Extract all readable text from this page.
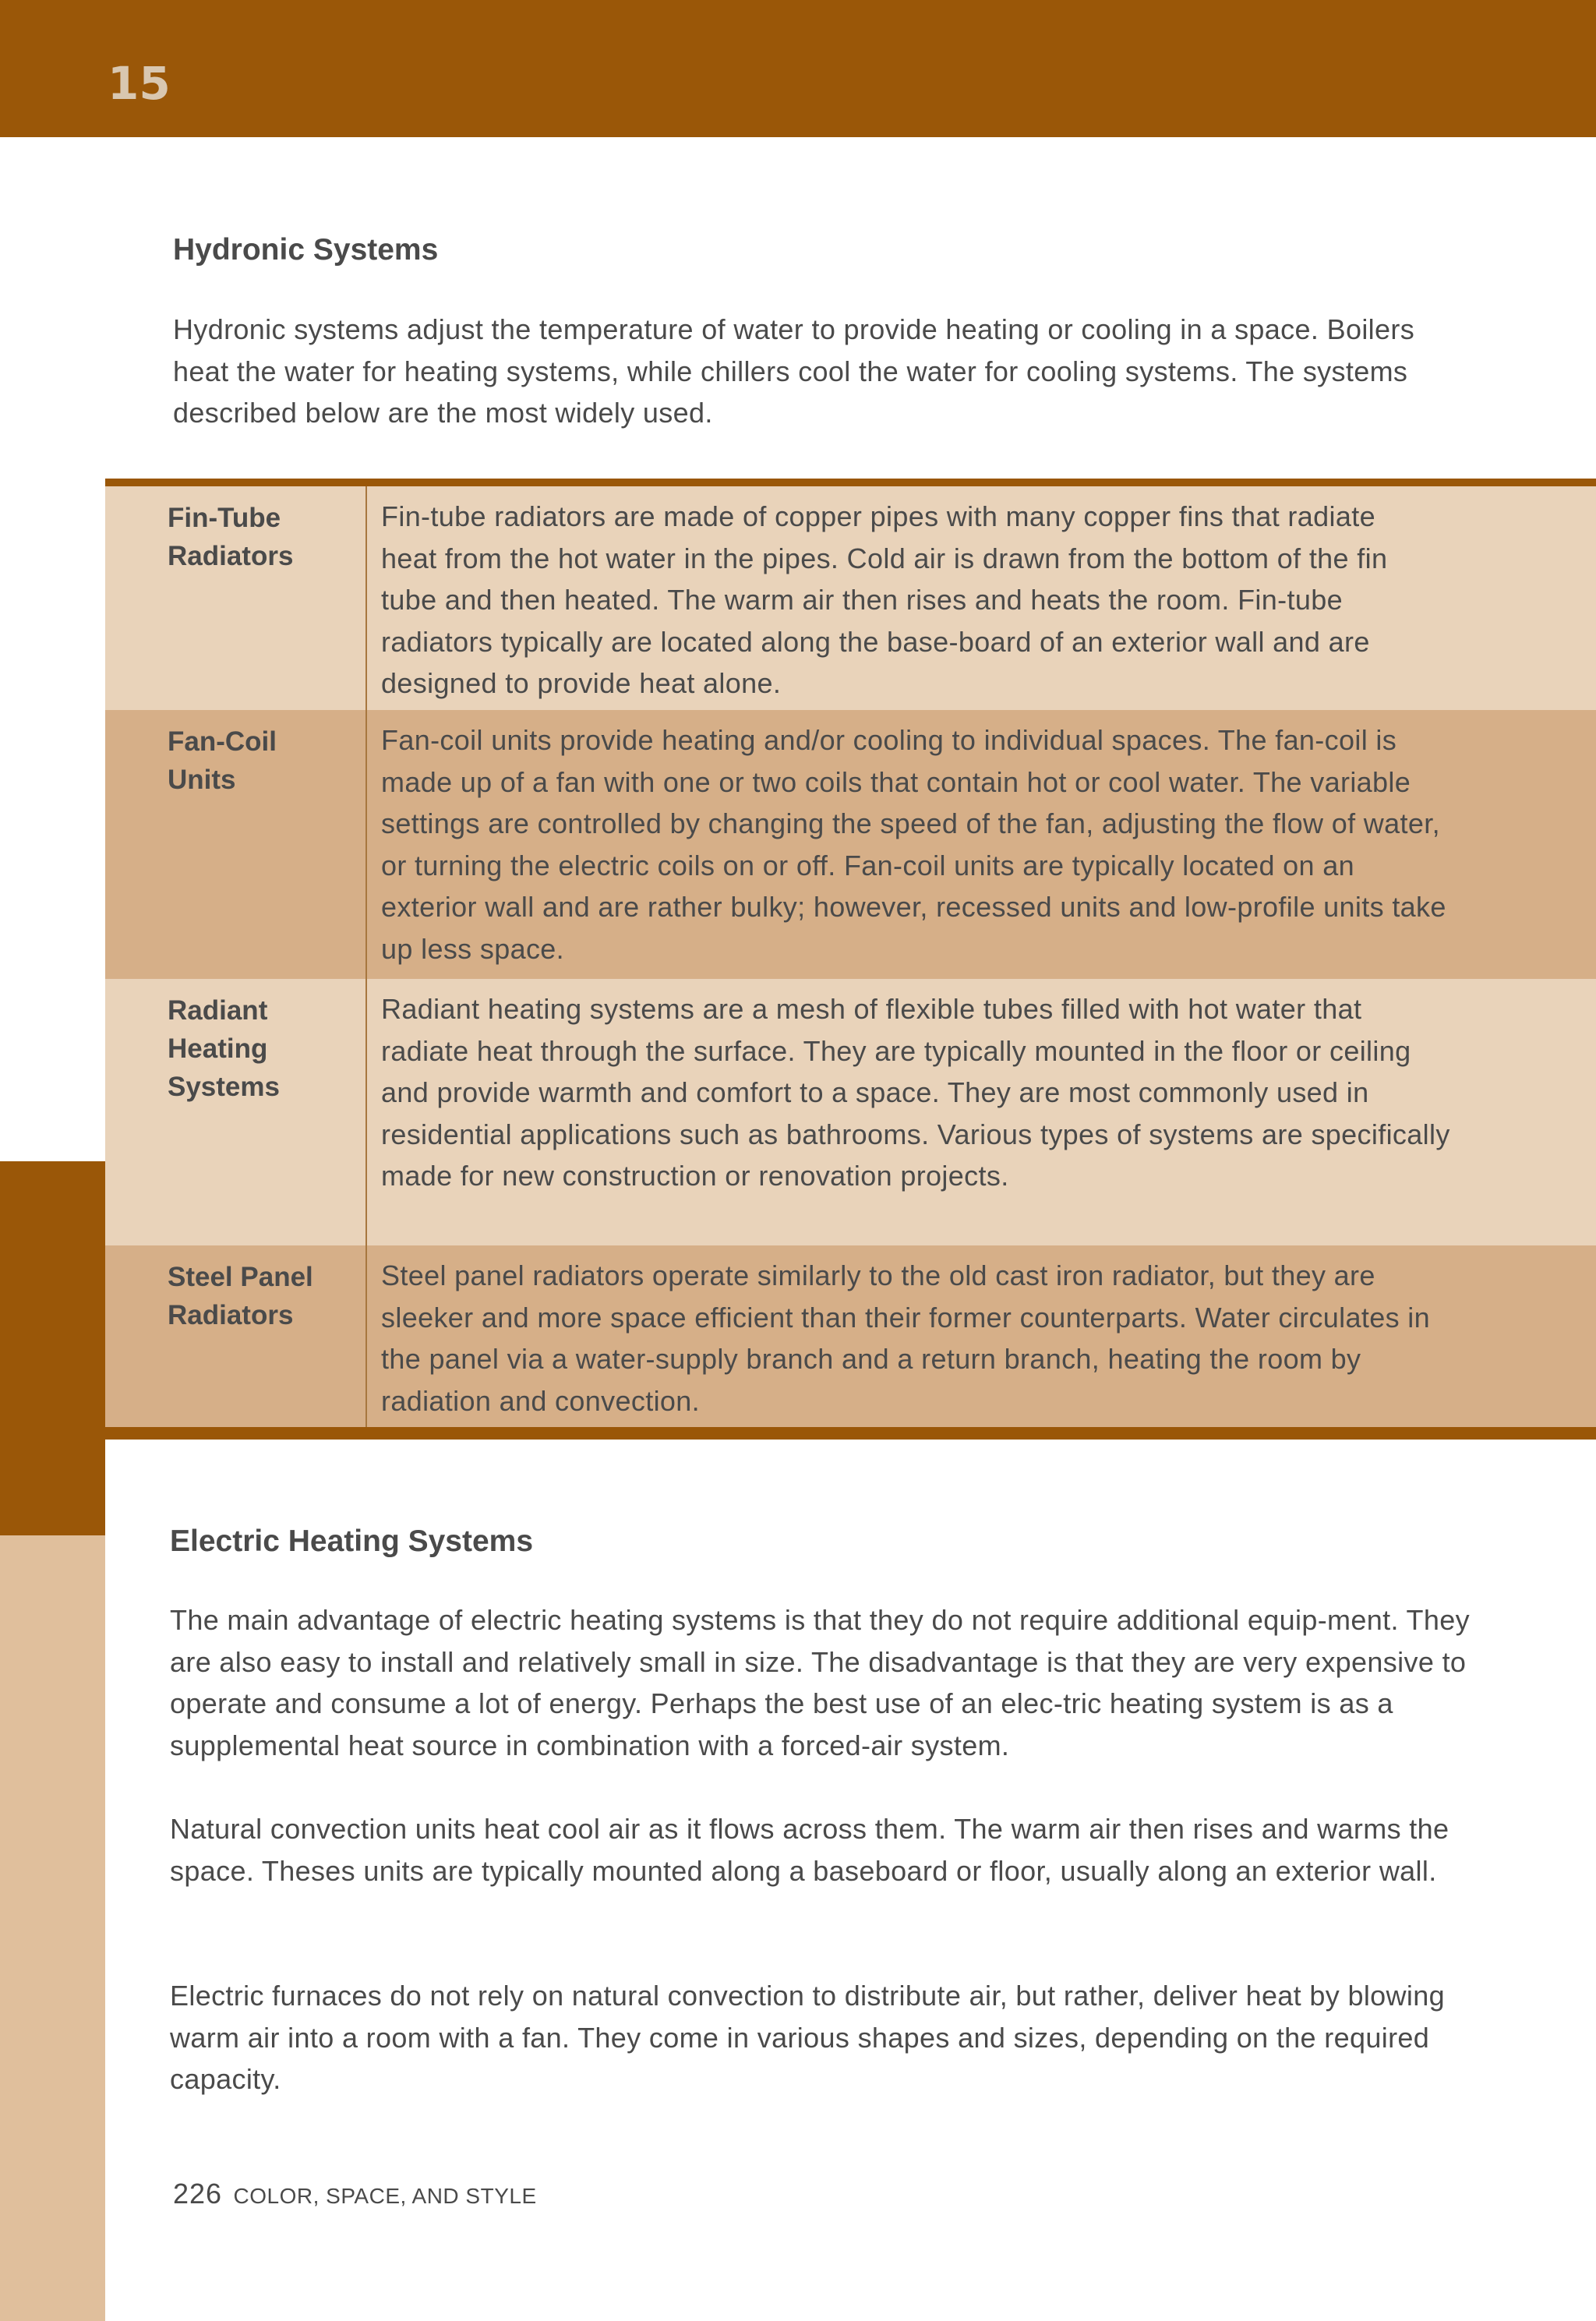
15
Hydronic Systems

Hydronic systems adjust the temperature of water to provide heating or cooling in a space. Boilers heat the water for heating systems, while chillers cool the water for cooling systems. The systems described below are the most widely used.

Fin-Tube
Radiators
Fin-tube radiators are made of copper pipes with many copper fins that radiate heat from the hot water in the pipes. Cold air is drawn from the bottom of the fin tube and then heated. The warm air then rises and heats the room. Fin-tube radiators typically are located along the base-board of an exterior wall and are designed to provide heat alone.
Fan-Coil
Units
Fan-coil units provide heating and/or cooling to individual spaces. The fan-coil is made up of a fan with one or two coils that contain hot or cool water. The variable settings are controlled by changing the speed of the fan, adjusting the flow of water, or turning the electric coils on or off. Fan-coil units are typically located on an exterior wall and are rather bulky; however, recessed units and low-profile units take up less space.
Radiant
Heating
Systems
Radiant heating systems are a mesh of flexible tubes filled with hot water that radiate heat through the surface. They are typically mounted in the floor or ceiling and provide warmth and comfort to a space. They are most commonly used in residential applications such as bathrooms. Various types of systems are specifically made for new construction or renovation projects.
Steel Panel
Radiators
Steel panel radiators operate similarly to the old cast iron radiator, but they are sleeker and more space efficient than their former counterparts. Water circulates in the panel via a water-supply branch and a return branch, heating the room by radiation and convection.
Electric Heating Systems

The main advantage of electric heating systems is that they do not require additional equip-ment. They are also easy to install and relatively small in size. The disadvantage is that they are very expensive to operate and consume a lot of energy. Perhaps the best use of an elec-tric heating system is as a supplemental heat source in combination with a forced-air system.

Natural convection units heat cool air as it flows across them. The warm air then rises and warms the space. Theses units are typically mounted along a baseboard or floor, usually along an exterior wall.

Electric furnaces do not rely on natural convection to distribute air, but rather, deliver heat by blowing warm air into a room with a fan. They come in various shapes and sizes, depending on the required capacity.

226 COLOR, SPACE, AND STYLE
